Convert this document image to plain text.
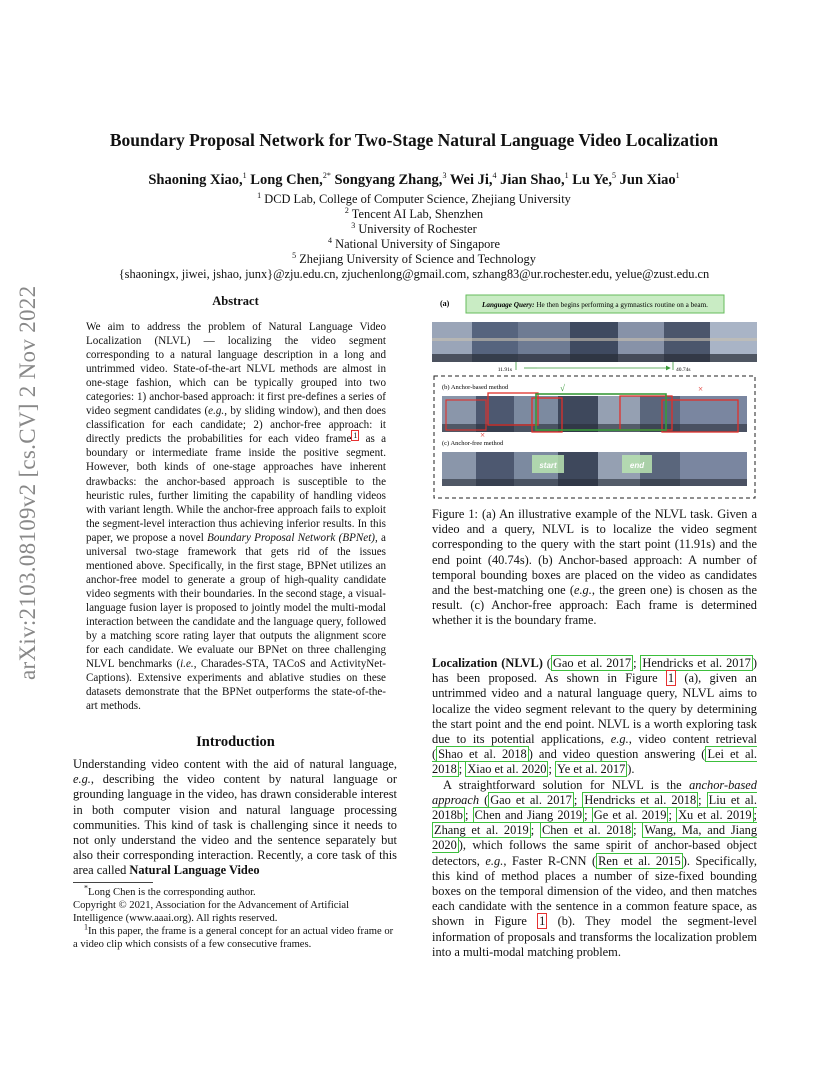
Boundary Proposal Network for Two-Stage Natural Language Video Localization
Shaoning Xiao,$^1$ Long Chen,$^{2*}$ Songyang Zhang,$^3$ Wei Ji,$^4$ Jian Shao,$^1$ Lu Ye,$^5$ Jun Xiao$^1$
$^1$ DCD Lab, College of Computer Science, Zhejiang University
$^2$ Tencent AI Lab, Shenzhen
$^3$ University of Rochester
$^4$ National University of Singapore
$^5$ Zhejiang University of Science and Technology
{shaoningx, jiwei, jshao, junx}@zju.edu.cn, zjuchenlong@gmail.com, szhang83@ur.rochester.edu, yelue@zust.edu.cn
arXiv:2103.08109v2 [cs.CV] 2 Nov 2022	Abstract
We aim to address the problem of Natural Language Video Localization (NLVL) — localizing the video segment corresponding to a natural language description in a long and untrimmed video. State-of-the-art NLVL methods are almost in one-stage fashion, which can be typically grouped into two categories: 1) anchor-based approach: it first pre-defines a series of video segment candidates (e.g., by sliding window), and then does classification for each candidate; 2) anchor-free approach: it directly predicts the probabilities for each video frame $^1$ as a boundary or intermediate frame inside the positive segment. However, both kinds of one-stage approaches have inherent drawbacks: the anchor-based approach is susceptible to the heuristic rules, further limiting the capability of handling videos with variant length. While the anchor-free approach fails to exploit the segment-level interaction thus achieving inferior results. In this paper, we propose a novel Boundary Proposal Network (BPNet), a universal two-stage framework that gets rid of the issues mentioned above. Specifically, in the first stage, BPNet utilizes an anchor-free model to generate a group of high-quality candidate video segments with their boundaries. In the second stage, a visual-language fusion layer is proposed to jointly model the multi-modal interaction between the candidate and the language query, followed by a matching score rating layer that outputs the alignment score for each candidate. We evaluate our BPNet on three challenging NLVL benchmarks (i.e., Charades-STA, TACoS and ActivityNet-Captions). Extensive experiments and ablative studies on these datasets demonstrate that the BPNet outperforms the state-of-the-art methods.
Introduction
Understanding video content with the aid of natural language, e.g., describing the video content by natural language or grounding language in the video, has drawn considerable interest in both computer vision and natural language processing communities. This kind of task is challenging since it needs to not only understand the video and the sentence separately but also their corresponding interaction. Recently, a core task of this area called Natural Language Video

*Long Chen is the corresponding author.

Copyright © 2021, Association for the Advancement of Artificial Intelligence (www.aaai.org). All rights reserved.

$^1$In this paper, the frame is a general concept for an actual video frame or a video clip which consists of a few consecutive frames.

(a)	Language Query: He then begins performing a gymnastics routine on a beam.
11.91s	40.74s
(b) Anchor-based method	√	×
×
(c) Anchor-free method
start	end
Figure 1: (a) An illustrative example of the NLVL task. Given a video and a query, NLVL is to localize the video segment corresponding to the query with the start point (11.91s) and the end point (40.74s). (b) Anchor-based approach: A number of temporal bounding boxes are placed on the video as candidates and the best-matching one (e.g., the green one) is chosen as the result. (c) Anchor-free approach: Each frame is determined whether it is the boundary frame.

Localization (NLVL) ( Gao et al. 2017 ; Hendricks et al. 2017 ) has been proposed. As shown in Figure 1 (a), given an untrimmed video and a natural language query, NLVL aims to localize the video segment relevant to the query by determining the start point and the end point. NLVL is a worth exploring task due to its potential applications, e.g., video content retrieval ( Shao et al. 2018 ) and video question answering ( Lei et al. 2018 ; Xiao et al. 2020 ; Ye et al. 2017 ).

A straightforward solution for NLVL is the anchor-based approach ( Gao et al. 2017 ; Hendricks et al. 2018 ; Liu et al. 2018b ; Chen and Jiang 2019 ; Ge et al. 2019 ; Xu et al. 2019 ; Zhang et al. 2019 ; Chen et al. 2018 ; Wang, Ma, and Jiang 2020 ), which follows the same spirit of anchor-based object detectors, e.g., Faster R-CNN ( Ren et al. 2015 ). Specifically, this kind of method places a number of size-fixed bounding boxes on the temporal dimension of the video, and then matches each candidate with the sentence in a common feature space, as shown in Figure 1 (b). They model the segment-level information of proposals and transforms the localization problem into a multi-modal matching problem.
